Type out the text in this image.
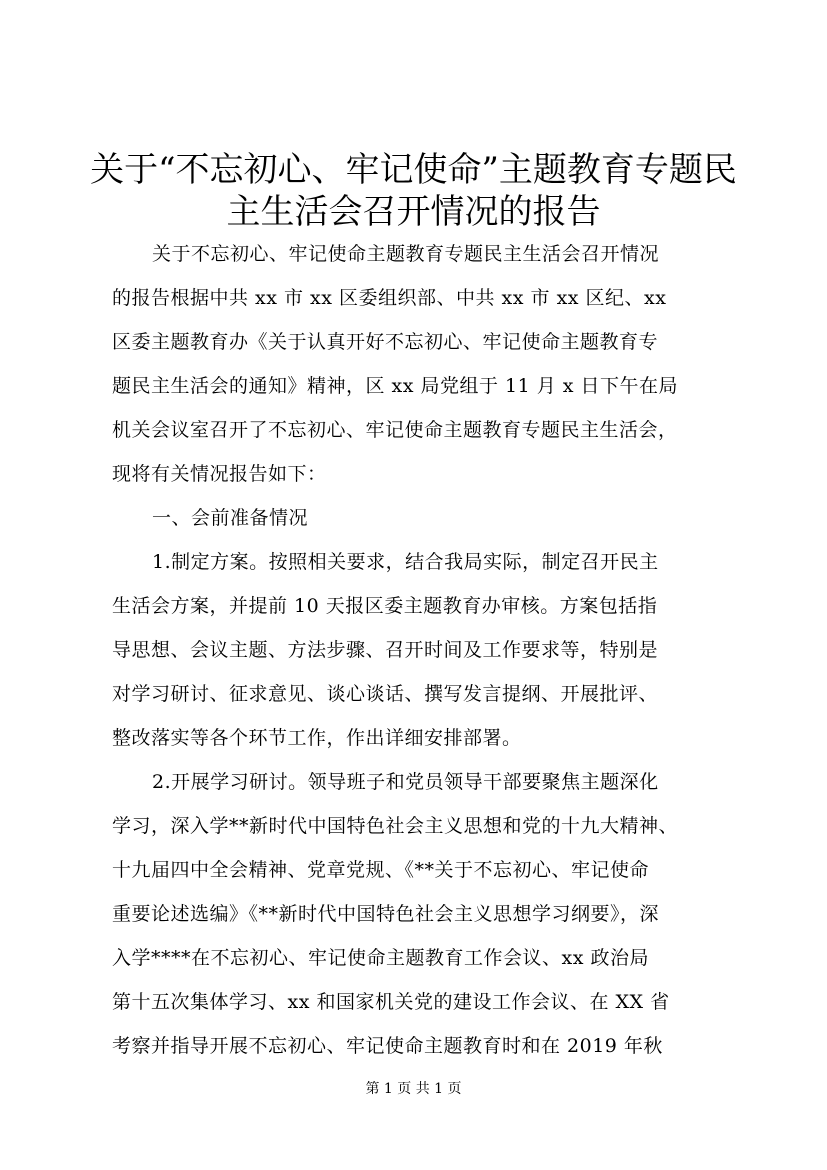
关于“不忘初心、牢记使命”主题教育专题民
主生活会召开情况的报告
关于不忘初心、牢记使命主题教育专题民主生活会召开情况
的报告根据中共 xx 市 xx 区委组织部、中共 xx 市 xx 区纪、xx
区委主题教育办《关于认真开好不忘初心、牢记使命主题教育专
题民主生活会的通知》精神，区 xx 局党组于 11 月 x 日下午在局
机关会议室召开了不忘初心、牢记使命主题教育专题民主生活会，
现将有关情况报告如下：
一、会前准备情况
1.制定方案。按照相关要求，结合我局实际，制定召开民主
生活会方案，并提前 10 天报区委主题教育办审核。方案包括指
导思想、会议主题、方法步骤、召开时间及工作要求等，特别是
对学习研讨、征求意见、谈心谈话、撰写发言提纲、开展批评、
整改落实等各个环节工作，作出详细安排部署。
2.开展学习研讨。领导班子和党员领导干部要聚焦主题深化
学习，深入学**新时代中国特色社会主义思想和党的十九大精神、
十九届四中全会精神、党章党规、《**关于不忘初心、牢记使命
重要论述选编》《**新时代中国特色社会主义思想学习纲要》，深
入学****在不忘初心、牢记使命主题教育工作会议、xx 政治局
第十五次集体学习、xx 和国家机关党的建设工作会议、在 XX 省
考察并指导开展不忘初心、牢记使命主题教育时和在 2019 年秋
第 1 页 共 1 页
